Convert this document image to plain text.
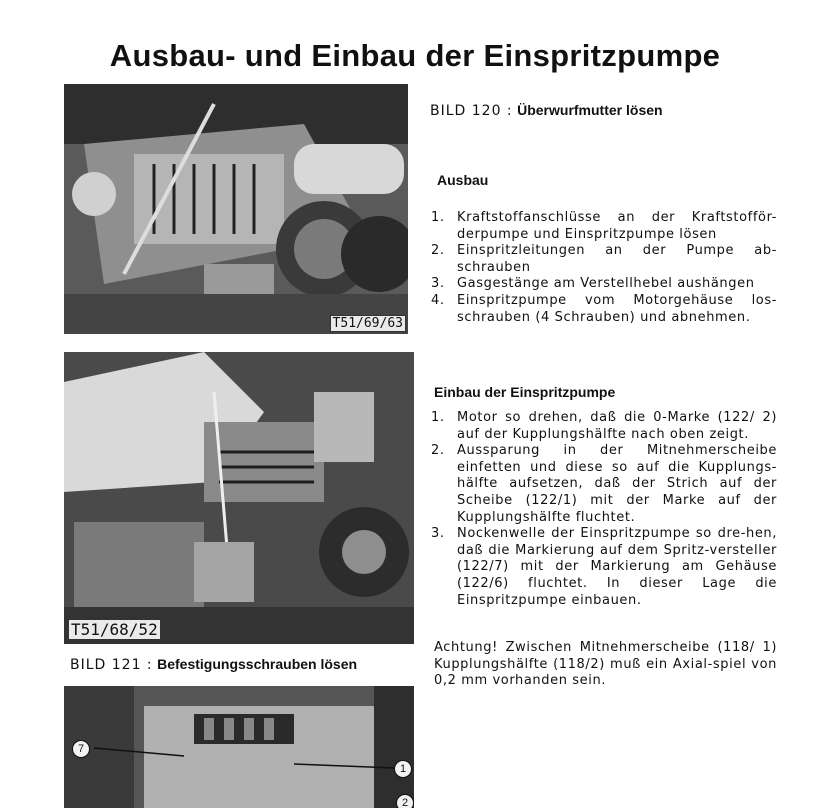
Ausbau- und Einbau der Einspritzpumpe
T51/69/63
BILD 120 : Überwurfmutter lösen
Ausbau
1. Kraftstoffanschlüsse an der Kraftstofför-derpumpe und Einspritzpumpe lösen
2. Einspritzleitungen an der Pumpe ab-schrauben
3. Gasgestänge am Verstellhebel aushängen
4. Einspritzpumpe vom Motorgehäuse los-schrauben (4 Schrauben) und abnehmen.
T51/68/52
BILD 121 : Befestigungsschrauben lösen
Einbau der Einspritzpumpe
1. Motor so drehen, daß die 0-Marke (122/ 2) auf der Kupplungshälfte nach oben zeigt.
2. Aussparung in der Mitnehmerscheibe einfetten und diese so auf die Kupplungs-hälfte aufsetzen, daß der Strich auf der Scheibe (122/1) mit der Marke auf der Kupplungshälfte fluchtet.
3. Nockenwelle der Einspritzpumpe so dre-hen, daß die Markierung auf dem Spritz-versteller (122/7) mit der Markierung am Gehäuse (122/6) fluchtet. In dieser Lage die Einspritzpumpe einbauen.
Achtung! Zwischen Mitnehmerscheibe (118/ 1) Kupplungshälfte (118/2) muß ein Axial-spiel von 0,2 mm vorhanden sein.
7
1
2
